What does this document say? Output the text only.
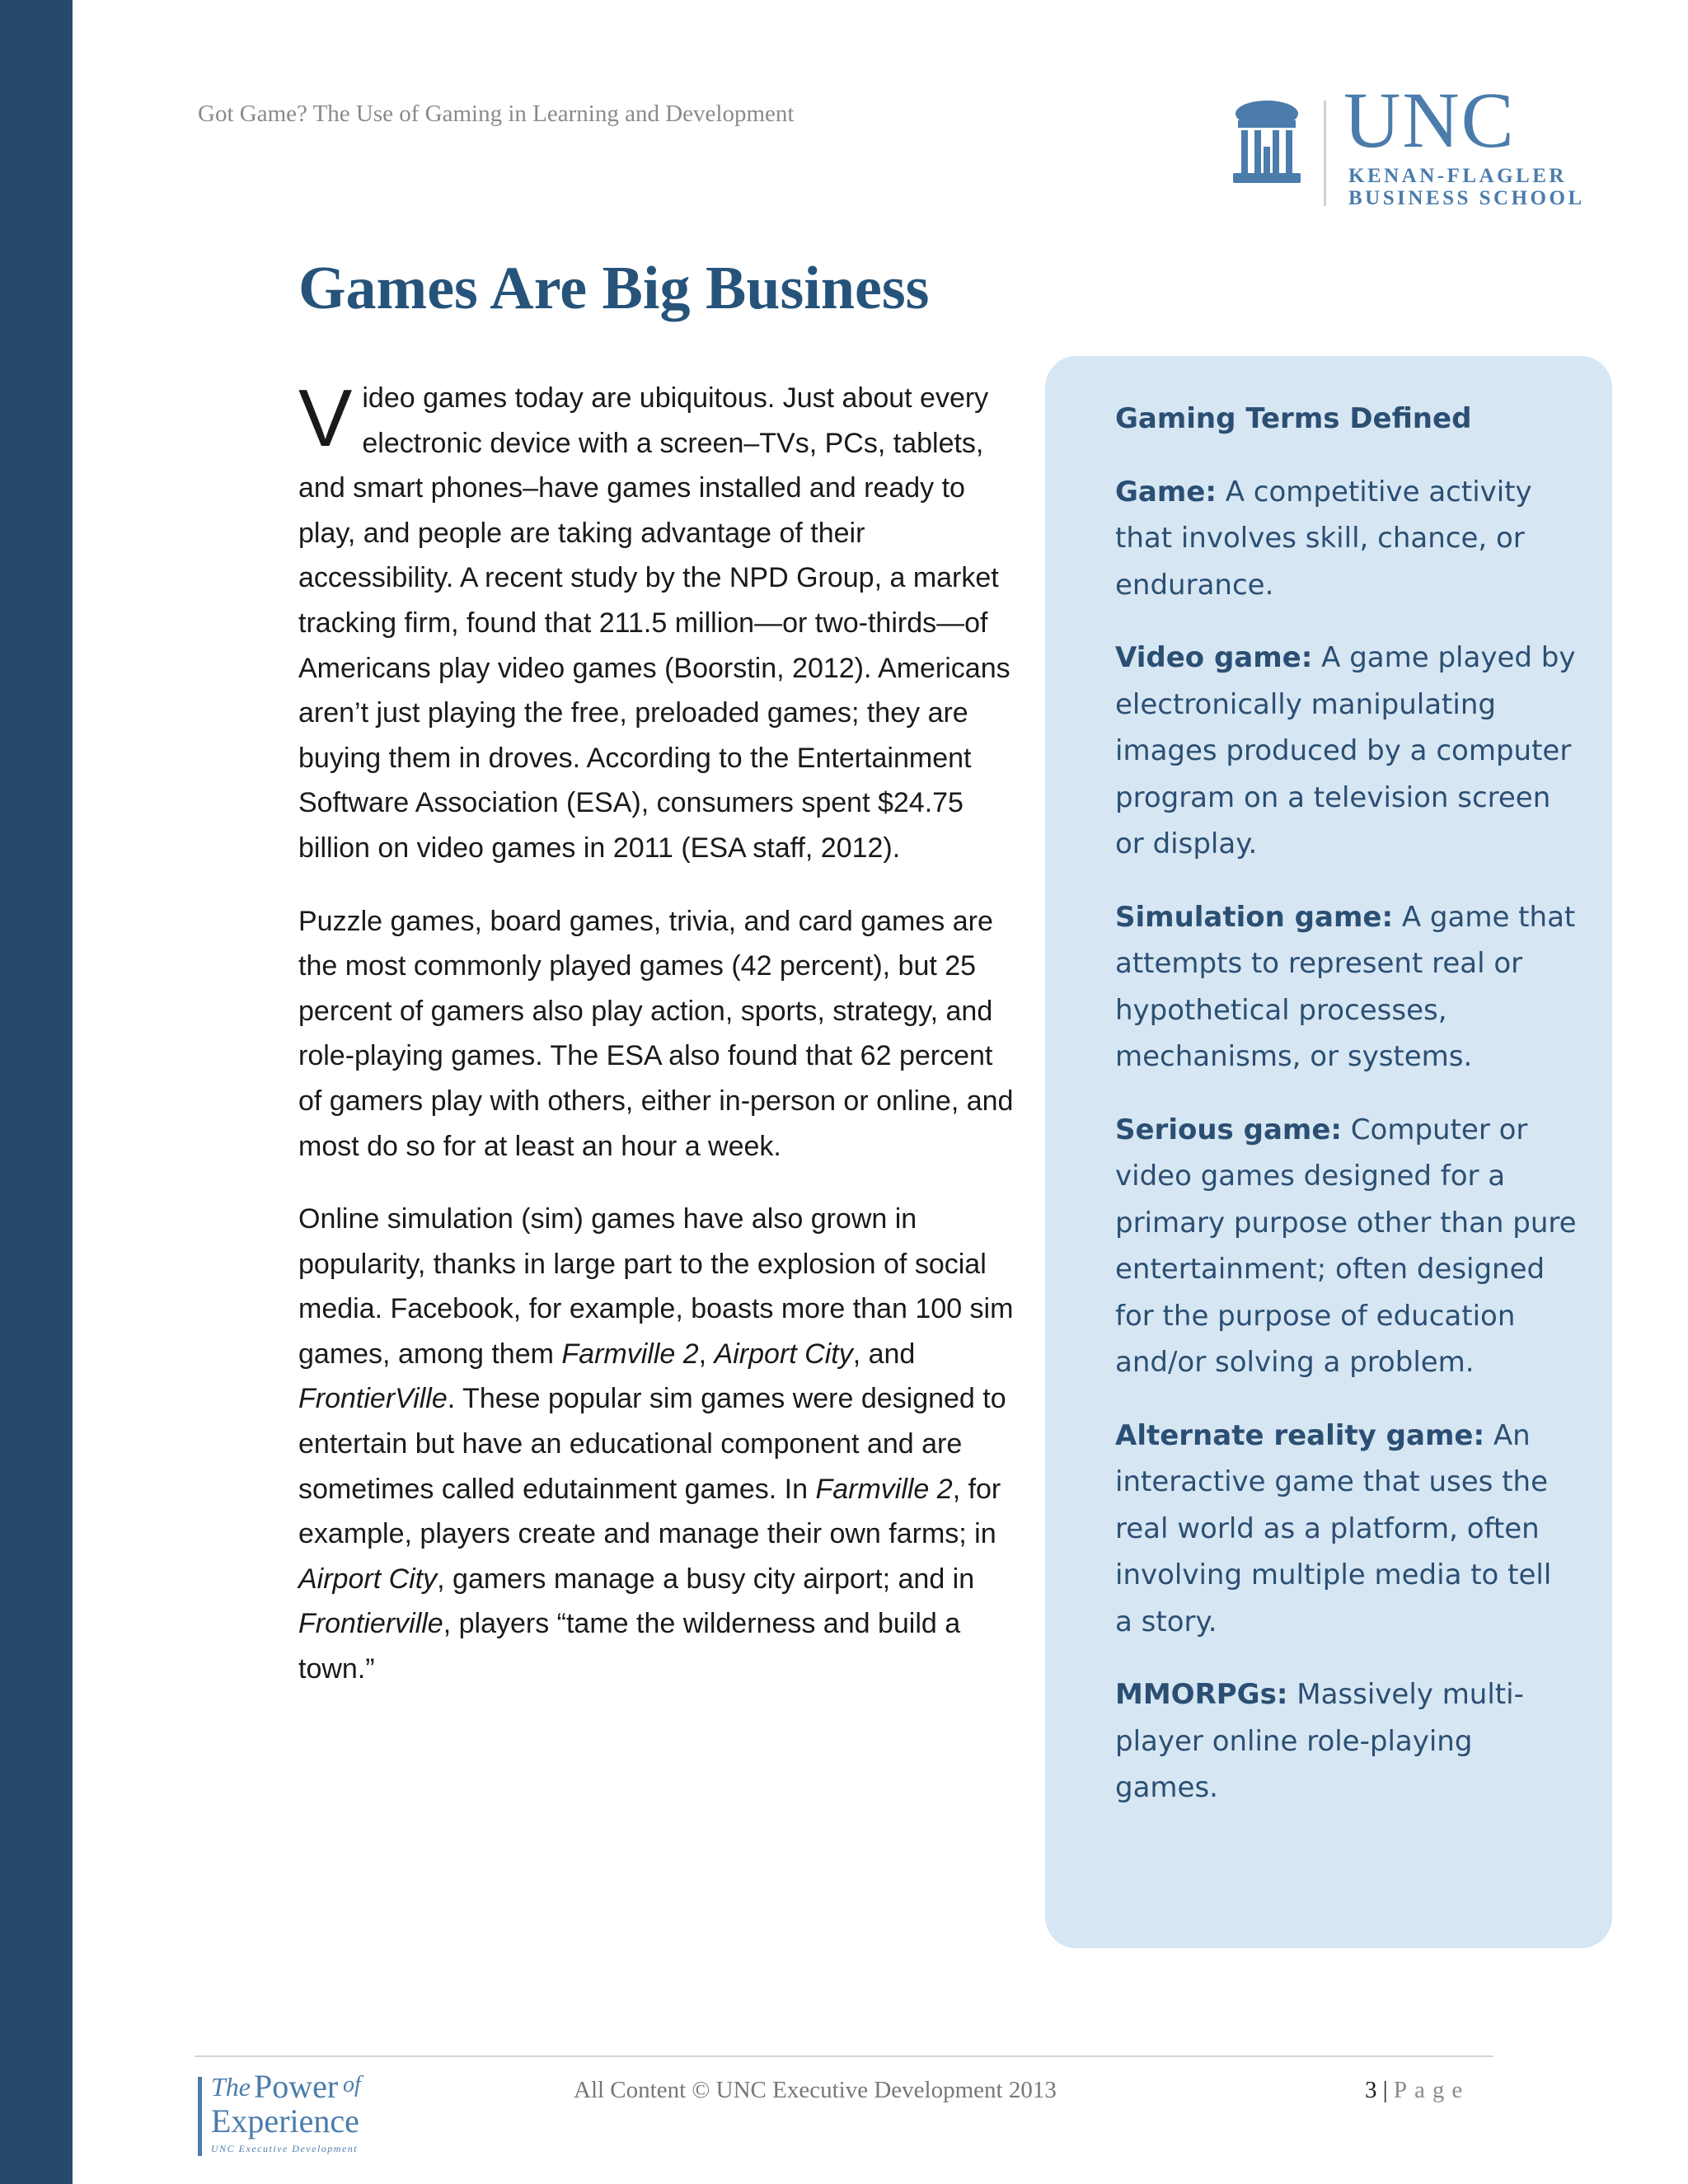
Got Game? The Use of Gaming in Learning and Development	UNC
KENAN-FLAGLER
BUSINESS SCHOOL
Games Are Big Business

Video games today are ubiquitous. Just about every electronic device with a screen–TVs, PCs, tablets, and smart phones–have games installed and ready to play, and people are taking advantage of their accessibility. A recent study by the NPD Group, a market tracking firm, found that 211.5 million—or two-thirds—of Americans play video games (Boorstin, 2012). Americans aren’t just playing the free, preloaded games; they are buying them in droves. According to the Entertainment Software Association (ESA), consumers spent $24.75 billion on video games in 2011 (ESA staff, 2012).

Puzzle games, board games, trivia, and card games are the most commonly played games (42 percent), but 25 percent of gamers also play action, sports, strategy, and role-playing games. The ESA also found that 62 percent of gamers play with others, either in-person or online, and most do so for at least an hour a week.

Online simulation (sim) games have also grown in popularity, thanks in large part to the explosion of social media. Facebook, for example, boasts more than 100 sim games, among them Farmville 2, Airport City, and FrontierVille. These popular sim games were designed to entertain but have an educational component and are sometimes called edutainment games. In Farmville 2, for example, players create and manage their own farms; in Airport City, gamers manage a busy city airport; and in Frontierville, players “tame the wilderness and build a town.”

Gaming Terms Defined
Game: A competitive activity that involves skill, chance, or endurance.
Video game: A game played by electronically manipulating images produced by a computer program on a television screen or display.
Simulation game: A game that attempts to represent real or hypothetical processes, mechanisms, or systems.
Serious game: Computer or video games designed for a primary purpose other than pure entertainment; often designed for the purpose of education and/or solving a problem.
Alternate reality game: An interactive game that uses the real world as a platform, often involving multiple media to tell a story.
MMORPGs: Massively multi-player online role-playing games.
The Power of
Experience
UNC Executive Development
All Content © UNC Executive Development 2013	3 | Page
